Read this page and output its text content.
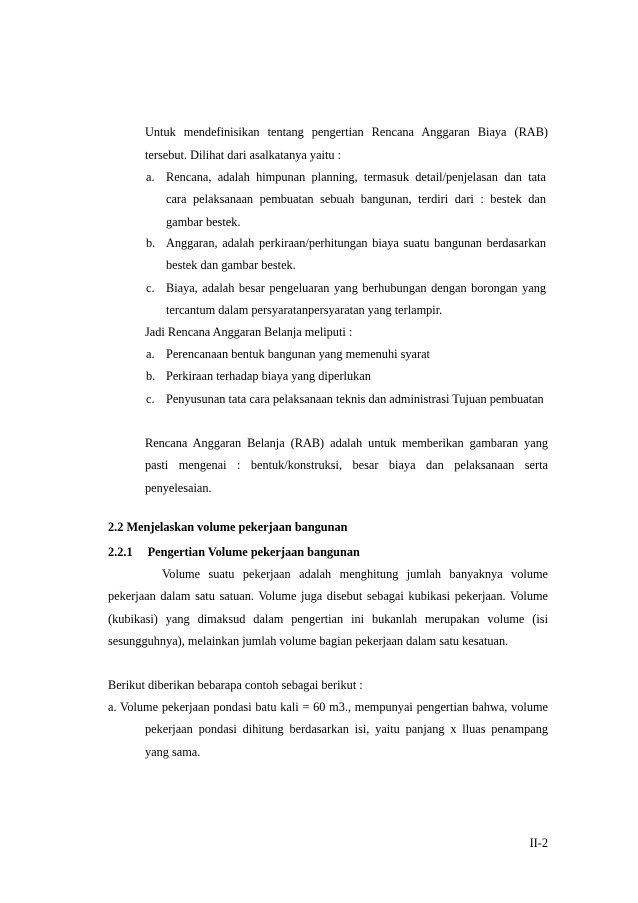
Untuk mendefinisikan tentang pengertian Rencana Anggaran Biaya (RAB)
tersebut. Dilihat dari asalkatanya yaitu :
a. Rencana, adalah himpunan planning, termasuk detail/penjelasan dan tata cara pelaksanaan pembuatan sebuah bangunan, terdiri dari : bestek dan gambar bestek.
b. Anggaran, adalah perkiraan/perhitungan biaya suatu bangunan berdasarkan bestek dan gambar bestek.
c. Biaya, adalah besar pengeluaran yang berhubungan dengan borongan yang tercantum dalam persyaratanpersyaratan yang terlampir.
Jadi Rencana Anggaran Belanja meliputi :
a. Perencanaan bentuk bangunan yang memenuhi syarat
b. Perkiraan terhadap biaya yang diperlukan
c. Penyusunan tata cara pelaksanaan teknis dan administrasi Tujuan pembuatan
Rencana Anggaran Belanja (RAB) adalah untuk memberikan gambaran yang pasti mengenai : bentuk/konstruksi, besar biaya dan pelaksanaan serta penyelesaian.
2.2 Menjelaskan volume pekerjaan bangunan
2.2.1 Pengertian Volume pekerjaan bangunan
Volume suatu pekerjaan adalah menghitung jumlah banyaknya volume pekerjaan dalam satu satuan. Volume juga disebut sebagai kubikasi pekerjaan. Volume (kubikasi) yang dimaksud dalam pengertian ini bukanlah merupakan volume (isi sesungguhnya), melainkan jumlah volume bagian pekerjaan dalam satu kesatuan.
Berikut diberikan bebarapa contoh sebagai berikut :
a. Volume pekerjaan pondasi batu kali = 60 m3., mempunyai pengertian bahwa, volume pekerjaan pondasi dihitung berdasarkan isi, yaitu panjang x lluas penampang yang sama.
II-2
